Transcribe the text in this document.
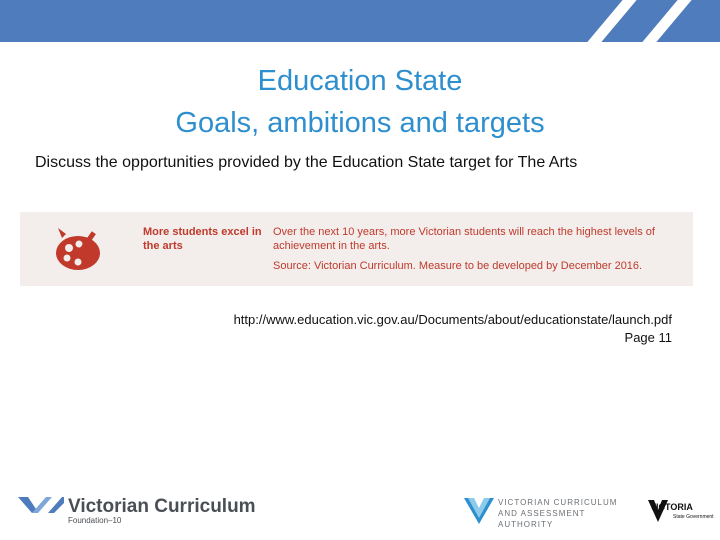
Education State
Goals, ambitions and targets
Discuss the opportunities provided by the Education State target for The Arts
More students excel in the arts
Over the next 10 years, more Victorian students will reach the highest levels of achievement in the arts.
Source: Victorian Curriculum. Measure to be developed by December 2016.
http://www.education.vic.gov.au/Documents/about/educationstate/launch.pdf
Page 11
Victorian Curriculum
Foundation–10
VICTORIAN CURRICULUM AND ASSESSMENT AUTHORITY
VICTORIA
State Government
